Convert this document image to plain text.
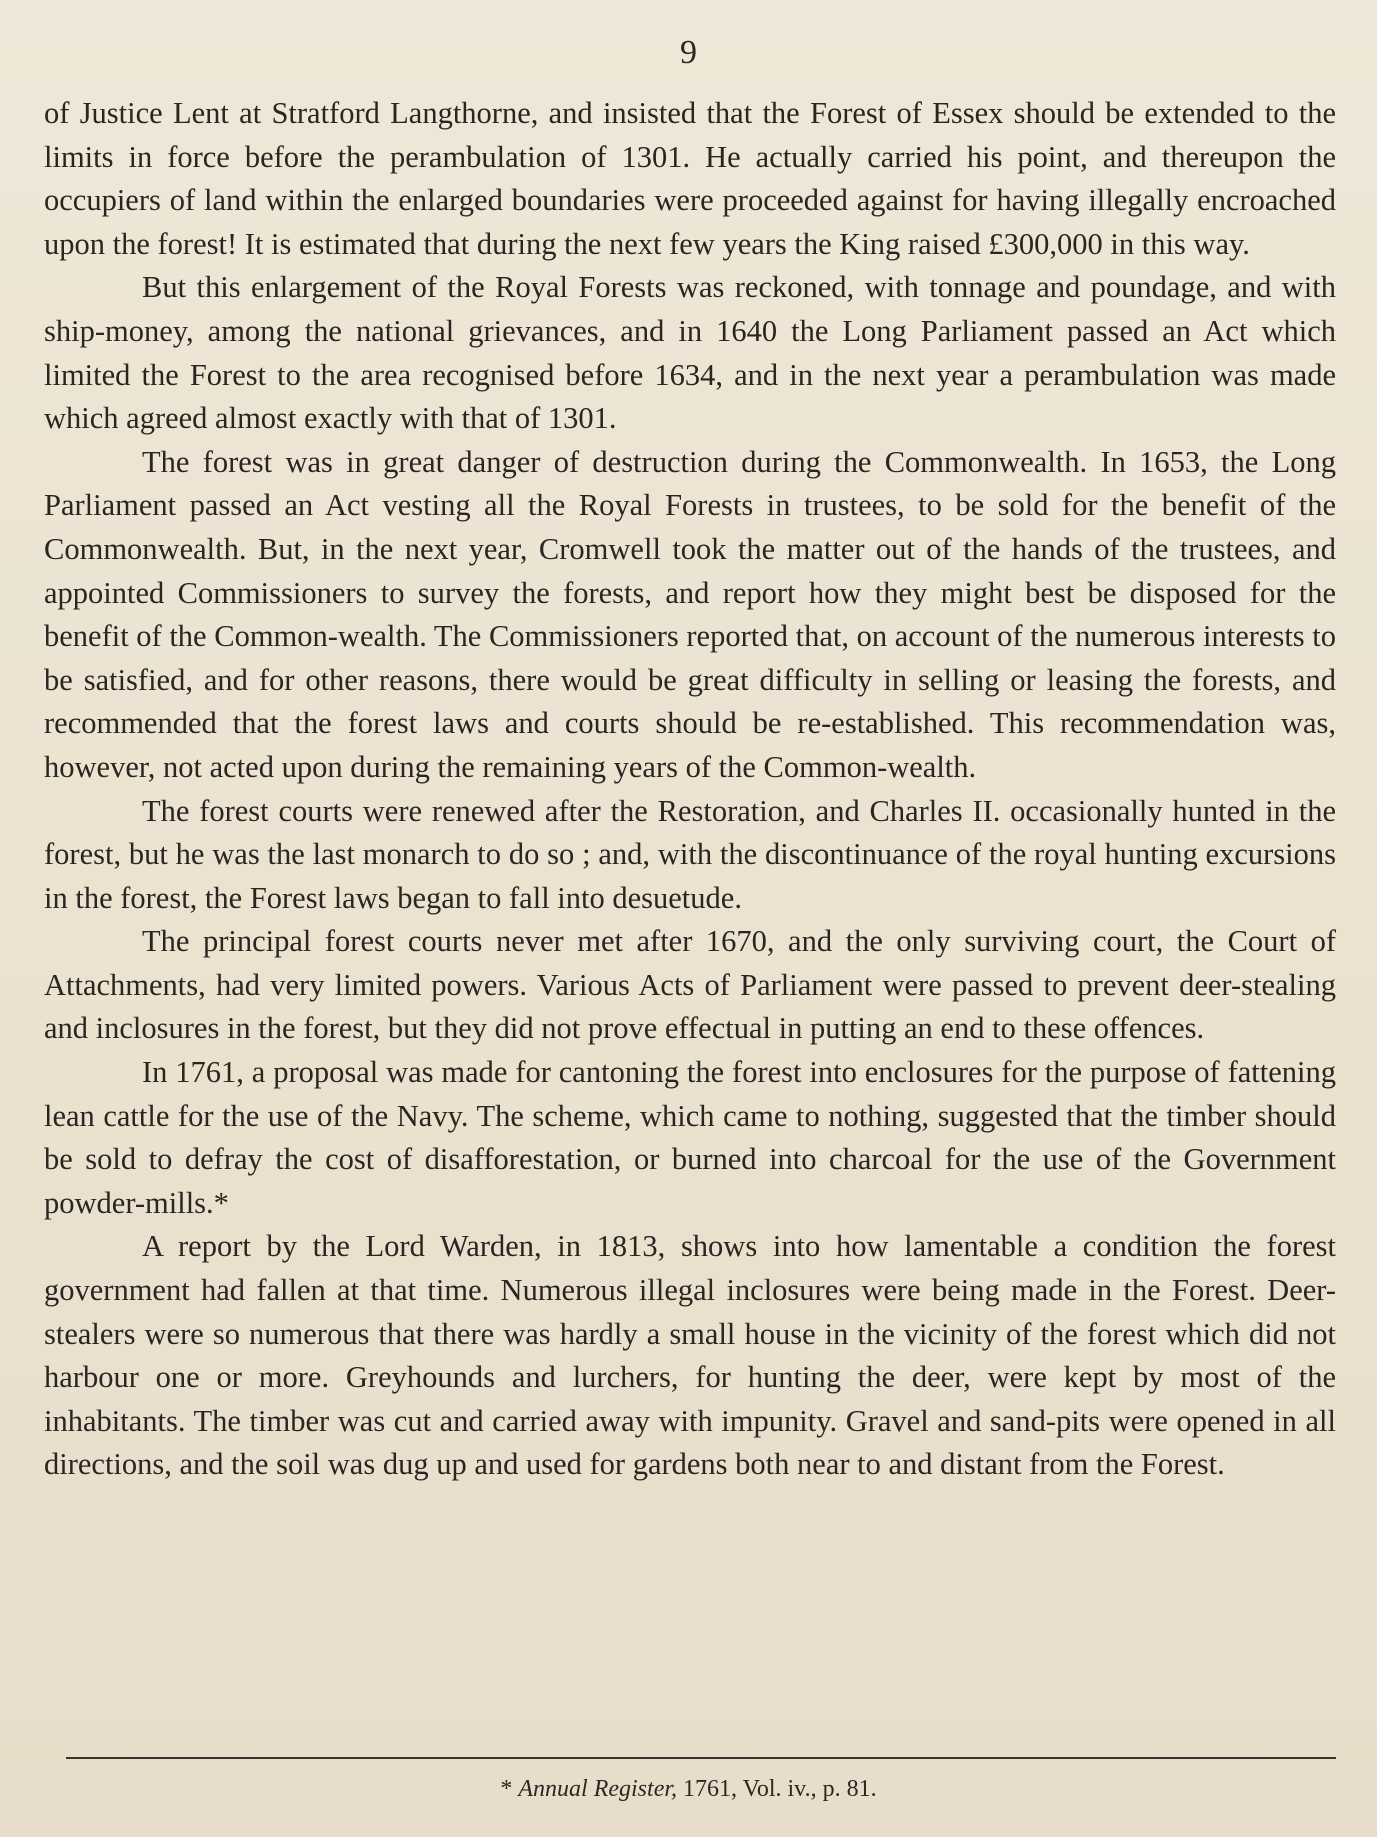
9

of Justice Lent at Stratford Langthorne, and insisted that the Forest of Essex should be extended to the limits in force before the perambulation of 1301. He actually carried his point, and thereupon the occupiers of land within the enlarged boundaries were proceeded against for having illegally encroached upon the forest! It is estimated that during the next few years the King raised £300,000 in this way.

But this enlargement of the Royal Forests was reckoned, with tonnage and poundage, and with ship-money, among the national grievances, and in 1640 the Long Parliament passed an Act which limited the Forest to the area recognised before 1634, and in the next year a perambulation was made which agreed almost exactly with that of 1301.

The forest was in great danger of destruction during the Commonwealth. In 1653, the Long Parliament passed an Act vesting all the Royal Forests in trustees, to be sold for the benefit of the Commonwealth. But, in the next year, Cromwell took the matter out of the hands of the trustees, and appointed Commissioners to survey the forests, and report how they might best be disposed for the benefit of the Common-wealth. The Commissioners reported that, on account of the numerous interests to be satisfied, and for other reasons, there would be great difficulty in selling or leasing the forests, and recommended that the forest laws and courts should be re-established. This recommendation was, however, not acted upon during the remaining years of the Common-wealth.

The forest courts were renewed after the Restoration, and Charles II. occasionally hunted in the forest, but he was the last monarch to do so ; and, with the discontinuance of the royal hunting excursions in the forest, the Forest laws began to fall into desuetude.

The principal forest courts never met after 1670, and the only surviving court, the Court of Attachments, had very limited powers. Various Acts of Parliament were passed to prevent deer-stealing and inclosures in the forest, but they did not prove effectual in putting an end to these offences.

In 1761, a proposal was made for cantoning the forest into enclosures for the purpose of fattening lean cattle for the use of the Navy. The scheme, which came to nothing, suggested that the timber should be sold to defray the cost of disafforestation, or burned into charcoal for the use of the Government powder-mills.*

A report by the Lord Warden, in 1813, shows into how lamentable a condition the forest government had fallen at that time. Numerous illegal inclosures were being made in the Forest. Deer-stealers were so numerous that there was hardly a small house in the vicinity of the forest which did not harbour one or more. Greyhounds and lurchers, for hunting the deer, were kept by most of the inhabitants. The timber was cut and carried away with impunity. Gravel and sand-pits were opened in all directions, and the soil was dug up and used for gardens both near to and distant from the Forest.

* Annual Register, 1761, Vol. iv., p. 81.
